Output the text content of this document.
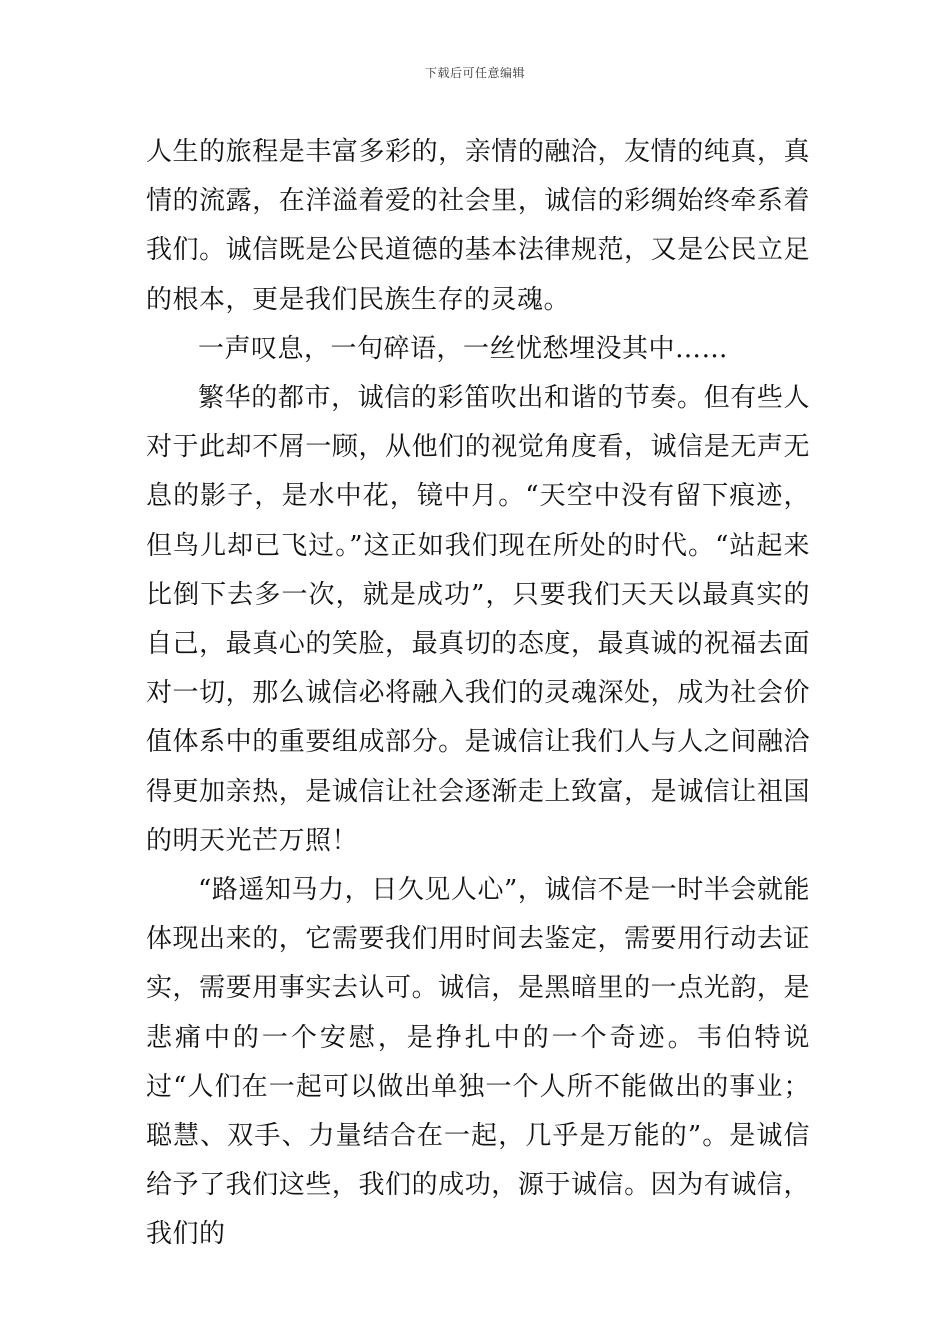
下载后可任意编辑

人生的旅程是丰富多彩的，亲情的融洽，友情的纯真，真情的流露，在洋溢着爱的社会里，诚信的彩绸始终牵系着我们。诚信既是公民道德的基本法律规范，又是公民立足的根本，更是我们民族生存的灵魂。

一声叹息，一句碎语，一丝忧愁埋没其中……

繁华的都市，诚信的彩笛吹出和谐的节奏。但有些人对于此却不屑一顾，从他们的视觉角度看，诚信是无声无息的影子，是水中花，镜中月。“天空中没有留下痕迹，但鸟儿却已飞过。”这正如我们现在所处的时代。“站起来比倒下去多一次，就是成功”，只要我们天天以最真实的自己，最真心的笑脸，最真切的态度，最真诚的祝福去面对一切，那么诚信必将融入我们的灵魂深处，成为社会价值体系中的重要组成部分。是诚信让我们人与人之间融洽得更加亲热，是诚信让社会逐渐走上致富，是诚信让祖国的明天光芒万照！

“路遥知马力，日久见人心”，诚信不是一时半会就能体现出来的，它需要我们用时间去鉴定，需要用行动去证实，需要用事实去认可。诚信，是黑暗里的一点光韵，是悲痛中的一个安慰，是挣扎中的一个奇迹。韦伯特说过“人们在一起可以做出单独一个人所不能做出的事业；聪慧、双手、力量结合在一起，几乎是万能的”。是诚信给予了我们这些，我们的成功，源于诚信。因为有诚信，我们的
